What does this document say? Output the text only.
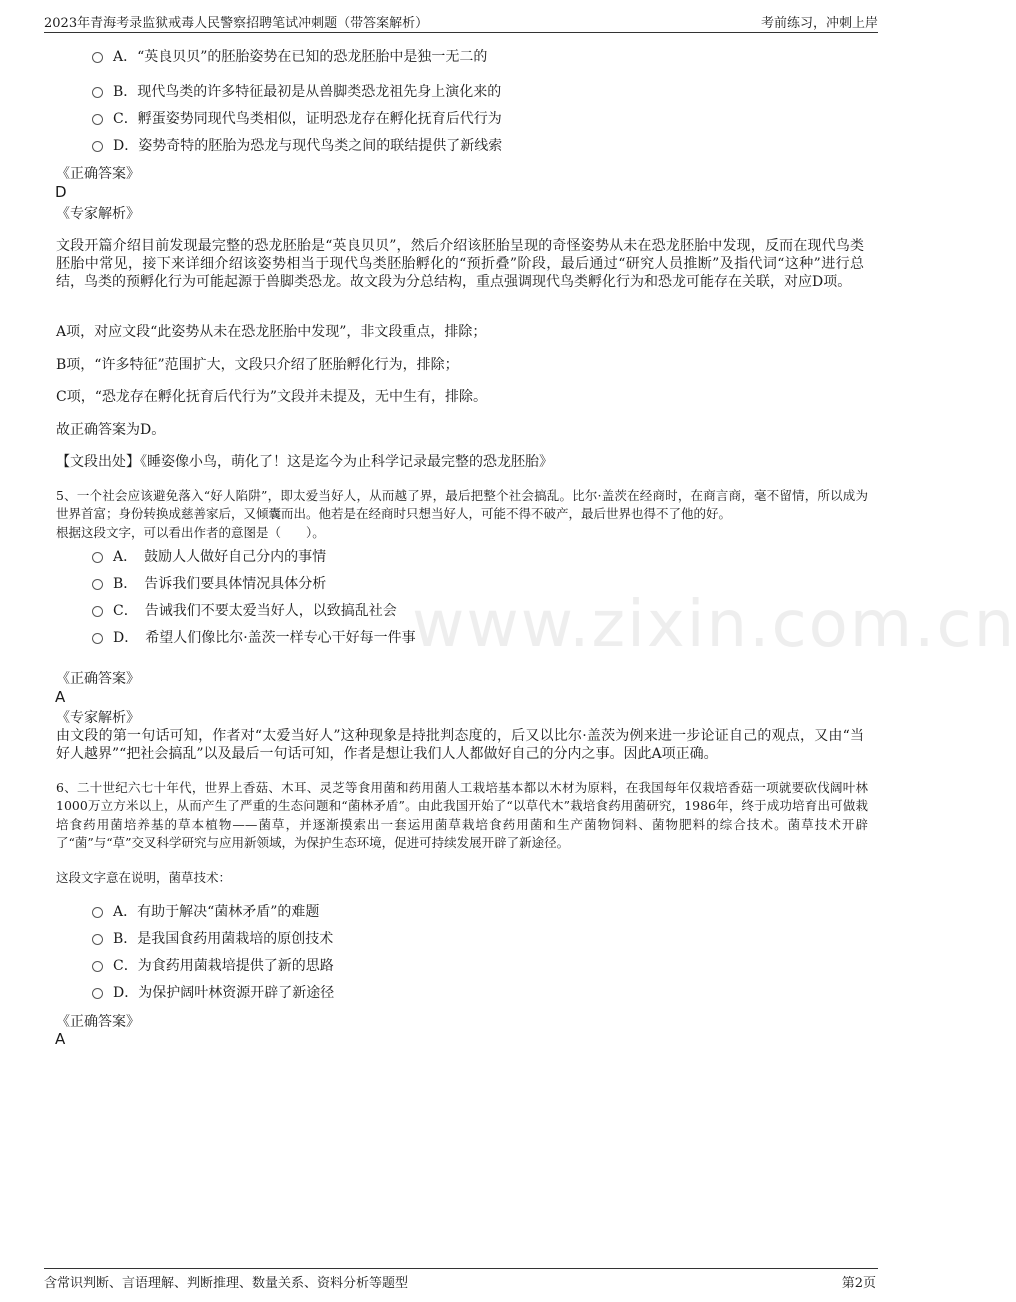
2023年青海考录监狱戒毒人民警察招聘笔试冲刺题（带答案解析）	考前练习，冲刺上岸
www.zixin.com.cn
A．“英良贝贝”的胚胎姿势在已知的恐龙胚胎中是独一无二的
B．现代鸟类的许多特征最初是从兽脚类恐龙祖先身上演化来的
C．孵蛋姿势同现代鸟类相似，证明恐龙存在孵化抚育后代行为
D．姿势奇特的胚胎为恐龙与现代鸟类之间的联结提供了新线索
《正确答案》
D
《专家解析》
文段开篇介绍目前发现最完整的恐龙胚胎是“英良贝贝”，然后介绍该胚胎呈现的奇怪姿势从未在恐龙胚胎中发现，反而在现代鸟类胚胎中常见，接下来详细介绍该姿势相当于现代鸟类胚胎孵化的“预折叠”阶段，最后通过“研究人员推断”及指代词“这种”进行总结，鸟类的预孵化行为可能起源于兽脚类恐龙。故文段为分总结构，重点强调现代鸟类孵化行为和恐龙可能存在关联，对应D项。
A项，对应文段“此姿势从未在恐龙胚胎中发现”，非文段重点，排除；
B项，“许多特征”范围扩大，文段只介绍了胚胎孵化行为，排除；
C项，“恐龙存在孵化抚育后代行为”文段并未提及，无中生有，排除。
故正确答案为D。
【文段出处】《睡姿像小鸟，萌化了！这是迄今为止科学记录最完整的恐龙胚胎》
5、一个社会应该避免落入“好人陷阱”，即太爱当好人，从而越了界，最后把整个社会搞乱。比尔·盖茨在经商时，在商言商，毫不留情，所以成为世界首富；身份转换成慈善家后，又倾囊而出。他若是在经商时只想当好人，可能不得不破产，最后世界也得不了他的好。
根据这段文字，可以看出作者的意图是（　　）。
A．　鼓励人人做好自己分内的事情
B．　告诉我们要具体情况具体分析
C．　告诫我们不要太爱当好人，以致搞乱社会
D．　希望人们像比尔·盖茨一样专心干好每一件事
《正确答案》
A
《专家解析》
由文段的第一句话可知，作者对“太爱当好人”这种现象是持批判态度的，后又以比尔·盖茨为例来进一步论证自己的观点，又由“当好人越界”“把社会搞乱”以及最后一句话可知，作者是想让我们人人都做好自己的分内之事。因此A项正确。
6、二十世纪六七十年代，世界上香菇、木耳、灵芝等食用菌和药用菌人工栽培基本都以木材为原料，在我国每年仅栽培香菇一项就要砍伐阔叶林1000万立方米以上，从而产生了严重的生态问题和“菌林矛盾”。由此我国开始了“以草代木”栽培食药用菌研究，1986年，终于成功培育出可做栽培食药用菌培养基的草本植物——菌草，并逐渐摸索出一套运用菌草栽培食药用菌和生产菌物饲料、菌物肥料的综合技术。菌草技术开辟了“菌”与“草”交叉科学研究与应用新领域，为保护生态环境，促进可持续发展开辟了新途径。
这段文字意在说明，菌草技术：
A．有助于解决“菌林矛盾”的难题
B．是我国食药用菌栽培的原创技术
C．为食药用菌栽培提供了新的思路
D．为保护阔叶林资源开辟了新途径
《正确答案》
A
含常识判断、言语理解、判断推理、数量关系、资料分析等题型	第2页
